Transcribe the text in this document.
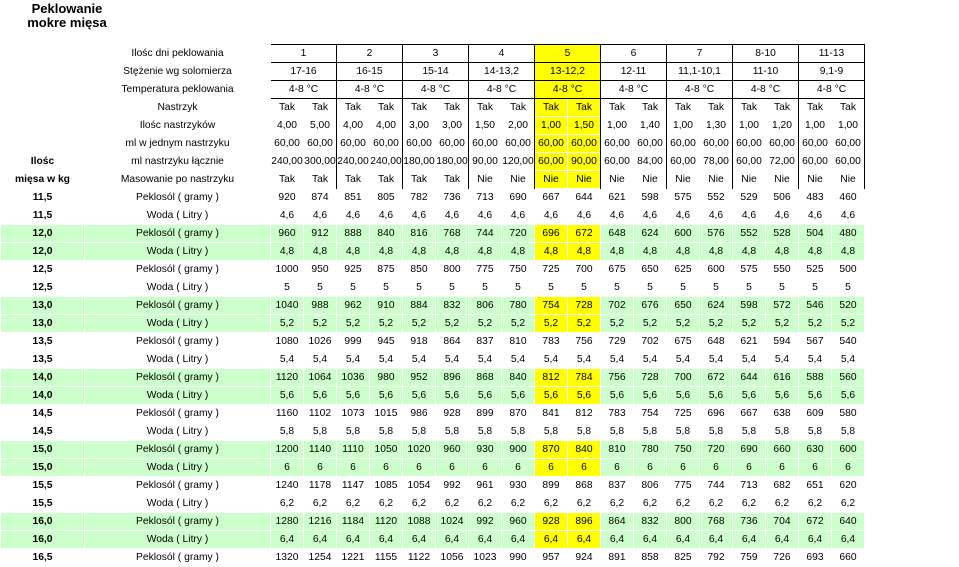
Peklowanie mokre mięsa
	Ilośc dni peklowania	1		2		3		4		5		6		7		8-10		11-13	
	Stężenie wg solomierza	17-16		16-15		15-14		14-13,2		13-12,2		12-11		11,1-10,1		11-10		9,1-9	
	Temperatura peklowania	4-8 °C		4-8 °C		4-8 °C		4-8 °C		4-8 °C		4-8 °C		4-8 °C		4-8 °C		4-8 °C	
	Nastrzyk	Tak	Tak	Tak	Tak	Tak	Tak	Tak	Tak	Tak	Tak	Tak	Tak	Tak	Tak	Tak	Tak	Tak	Tak
	Ilośc nastrzyków	4,00	5,00	4,00	4,00	3,00	3,00	1,50	2,00	1,00	1,50	1,00	1,40	1,00	1,30	1,00	1,20	1,00	1,00
	ml w jednym nastrzyku	60,00	60,00	60,00	60,00	60,00	60,00	60,00	60,00	60,00	60,00	60,00	60,00	60,00	60,00	60,00	60,00	60,00	60,00
Ilośc	ml nastrzyku łącznie	240,00	300,00	240,00	240,00	180,00	180,00	90,00	120,00	60,00	90,00	60,00	84,00	60,00	78,00	60,00	72,00	60,00	60,00
mięsa w kg	Masowanie po nastrzyku	Tak	Tak	Tak	Tak	Tak	Tak	Nie	Nie	Nie	Nie	Nie	Nie	Nie	Nie	Nie	Nie	Nie	Nie
11,5	Peklosól ( gramy )	920	874	851	805	782	736	713	690	667	644	621	598	575	552	529	506	483	460
11,5	Woda ( Litry )	4,6	4,6	4,6	4,6	4,6	4,6	4,6	4,6	4,6	4,6	4,6	4,6	4,6	4,6	4,6	4,6	4,6	4,6
12,0	Peklosól ( gramy )	960	912	888	840	816	768	744	720	696	672	648	624	600	576	552	528	504	480
12,0	Woda ( Litry )	4,8	4,8	4,8	4,8	4,8	4,8	4,8	4,8	4,8	4,8	4,8	4,8	4,8	4,8	4,8	4,8	4,8	4,8
12,5	Peklosól ( gramy )	1000	950	925	875	850	800	775	750	725	700	675	650	625	600	575	550	525	500
12,5	Woda ( Litry )	5	5	5	5	5	5	5	5	5	5	5	5	5	5	5	5	5	5
13,0	Peklosól ( gramy )	1040	988	962	910	884	832	806	780	754	728	702	676	650	624	598	572	546	520
13,0	Woda ( Litry )	5,2	5,2	5,2	5,2	5,2	5,2	5,2	5,2	5,2	5,2	5,2	5,2	5,2	5,2	5,2	5,2	5,2	5,2
13,5	Peklosól ( gramy )	1080	1026	999	945	918	864	837	810	783	756	729	702	675	648	621	594	567	540
13,5	Woda ( Litry )	5,4	5,4	5,4	5,4	5,4	5,4	5,4	5,4	5,4	5,4	5,4	5,4	5,4	5,4	5,4	5,4	5,4	5,4
14,0	Peklosól ( gramy )	1120	1064	1036	980	952	896	868	840	812	784	756	728	700	672	644	616	588	560
14,0	Woda ( Litry )	5,6	5,6	5,6	5,6	5,6	5,6	5,6	5,6	5,6	5,6	5,6	5,6	5,6	5,6	5,6	5,6	5,6	5,6
14,5	Peklosól ( gramy )	1160	1102	1073	1015	986	928	899	870	841	812	783	754	725	696	667	638	609	580
14,5	Woda ( Litry )	5,8	5,8	5,8	5,8	5,8	5,8	5,8	5,8	5,8	5,8	5,8	5,8	5,8	5,8	5,8	5,8	5,8	5,8
15,0	Peklosól ( gramy )	1200	1140	1110	1050	1020	960	930	900	870	840	810	780	750	720	690	660	630	600
15,0	Woda ( Litry )	6	6	6	6	6	6	6	6	6	6	6	6	6	6	6	6	6	6
15,5	Peklosól ( gramy )	1240	1178	1147	1085	1054	992	961	930	899	868	837	806	775	744	713	682	651	620
15,5	Woda ( Litry )	6,2	6,2	6,2	6,2	6,2	6,2	6,2	6,2	6,2	6,2	6,2	6,2	6,2	6,2	6,2	6,2	6,2	6,2
16,0	Peklosól ( gramy )	1280	1216	1184	1120	1088	1024	992	960	928	896	864	832	800	768	736	704	672	640
16,0	Woda ( Litry )	6,4	6,4	6,4	6,4	6,4	6,4	6,4	6,4	6,4	6,4	6,4	6,4	6,4	6,4	6,4	6,4	6,4	6,4
16,5	Peklosól ( gramy )	1320	1254	1221	1155	1122	1056	1023	990	957	924	891	858	825	792	759	726	693	660
